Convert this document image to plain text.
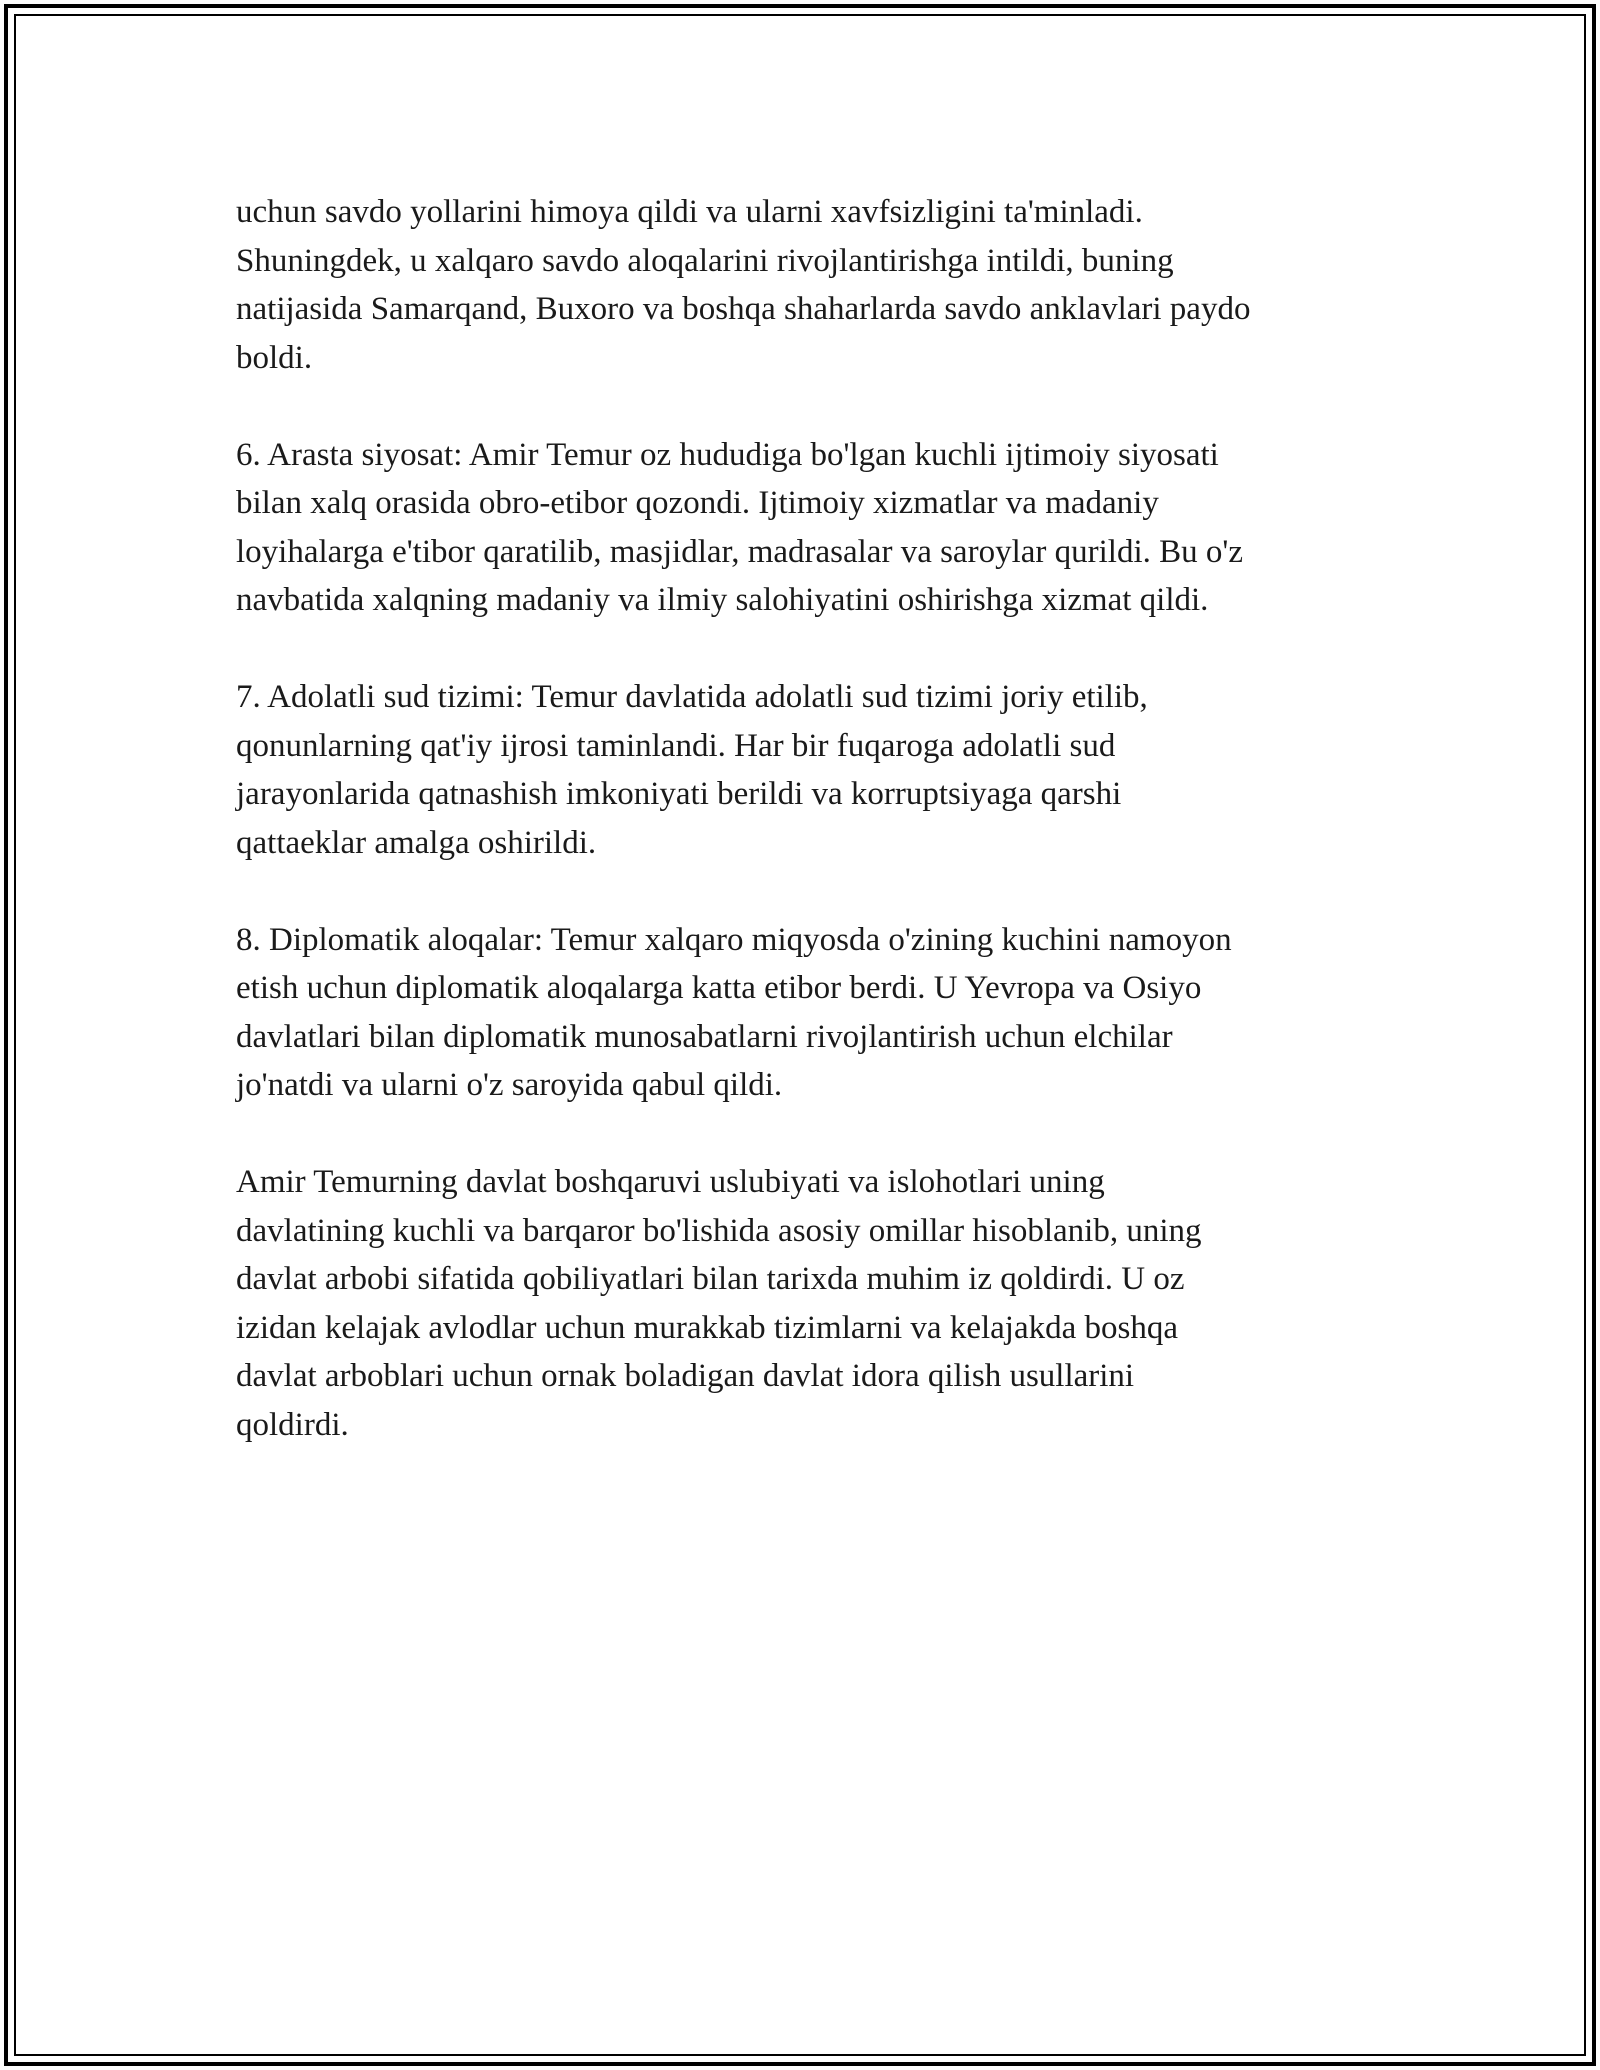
uchun savdo yollarini himoya qildi va ularni xavfsizligini ta'minladi.
Shuningdek, u xalqaro savdo aloqalarini rivojlantirishga intildi, buning
natijasida Samarqand, Buxoro va boshqa shaharlarda savdo anklavlari paydo
boldi.

6. Arasta siyosat: Amir Temur oz hududiga bo'lgan kuchli ijtimoiy siyosati
bilan xalq orasida obro-etibor qozondi. Ijtimoiy xizmatlar va madaniy
loyihalarga e'tibor qaratilib, masjidlar, madrasalar va saroylar qurildi. Bu o'z
navbatida xalqning madaniy va ilmiy salohiyatini oshirishga xizmat qildi.

7. Adolatli sud tizimi: Temur davlatida adolatli sud tizimi joriy etilib,
qonunlarning qat'iy ijrosi taminlandi. Har bir fuqaroga adolatli sud
jarayonlarida qatnashish imkoniyati berildi va korruptsiyaga qarshi
qattaeklar amalga oshirildi.

8. Diplomatik aloqalar: Temur xalqaro miqyosda o'zining kuchini namoyon
etish uchun diplomatik aloqalarga katta etibor berdi. U Yevropa va Osiyo
davlatlari bilan diplomatik munosabatlarni rivojlantirish uchun elchilar
jo'natdi va ularni o'z saroyida qabul qildi.

Amir Temurning davlat boshqaruvi uslubiyati va islohotlari uning
davlatining kuchli va barqaror bo'lishida asosiy omillar hisoblanib, uning
davlat arbobi sifatida qobiliyatlari bilan tarixda muhim iz qoldirdi. U oz
izidan kelajak avlodlar uchun murakkab tizimlarni va kelajakda boshqa
davlat arboblari uchun ornak boladigan davlat idora qilish usullarini
qoldirdi.
